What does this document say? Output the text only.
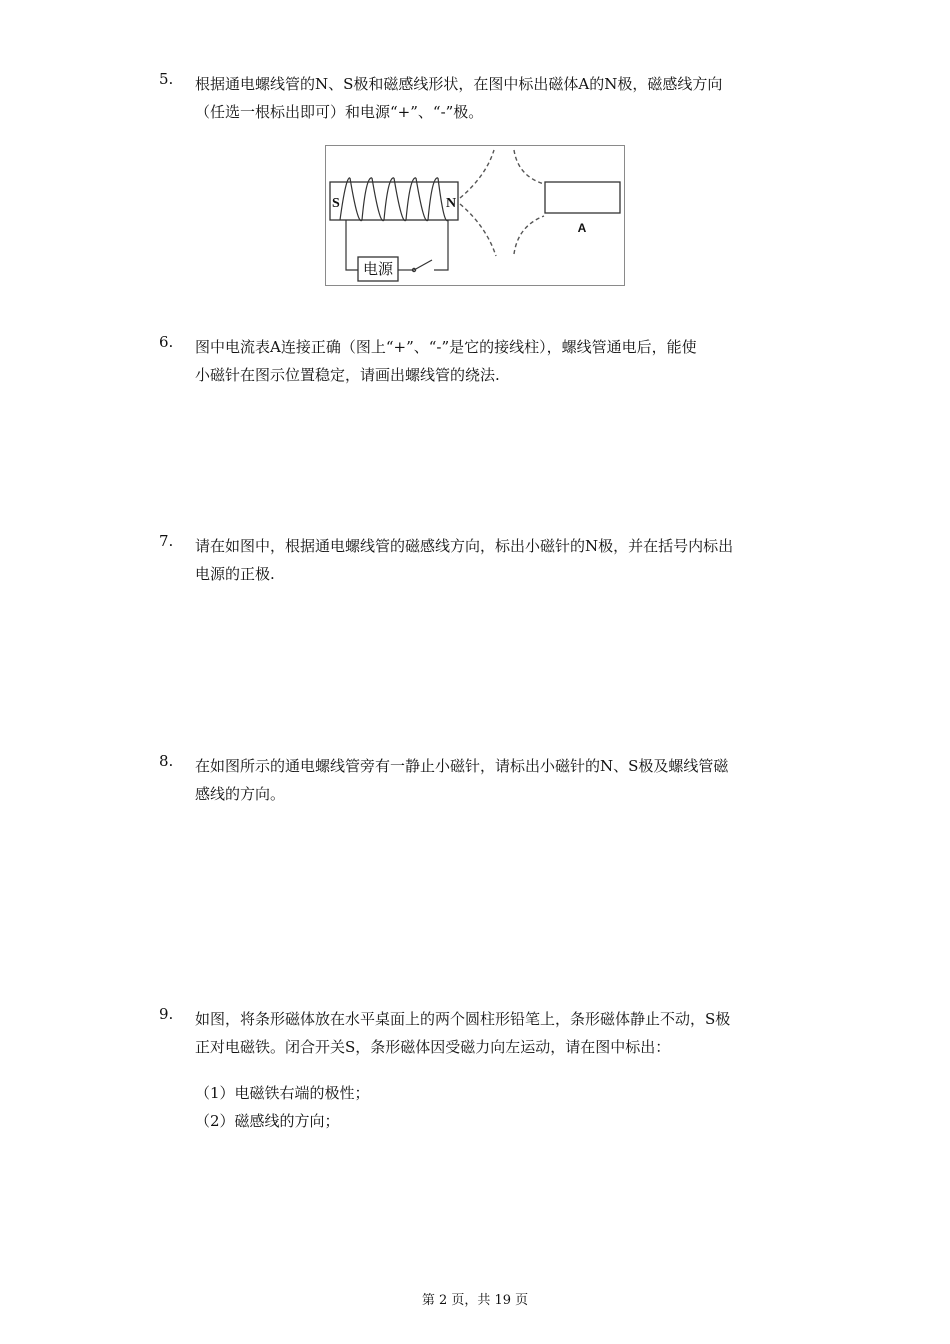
5.	根据通电螺线管的N、S极和磁感线形状，在图中标出磁体A的N极，磁感线方向

（任选一根标出即可）和电源“+”、“-”极。

电源
S	N
A
6.	图中电流表A连接正确（图上“+”、“-”是它的接线柱），螺线管通电后，能使

小磁针在图示位置稳定，请画出螺线管的绕法.

7.	请在如图中，根据通电螺线管的磁感线方向，标出小磁针的N极，并在括号内标出

电源的正极.

8.	在如图所示的通电螺线管旁有一静止小磁针，请标出小磁针的N、S极及螺线管磁

感线的方向。

9.	如图，将条形磁体放在水平桌面上的两个圆柱形铅笔上，条形磁体静止不动，S极

正对电磁铁。闭合开关S，条形磁体因受磁力向左运动，请在图中标出：

（1）电磁铁右端的极性；

（2）磁感线的方向；

第 2 页，共 19 页
